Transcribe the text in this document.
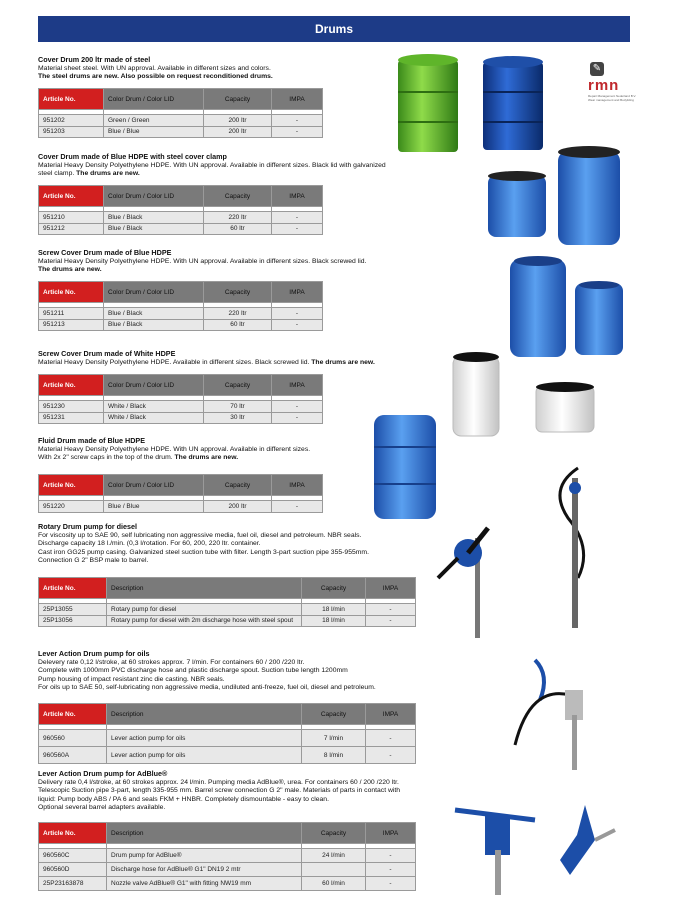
Drums
✎
rmn
Repair Management Nederland B.V.
Wear management and Bodyliding
Cover Drum 200 ltr made of steel

Material sheet steel. With UN approval. Available in different sizes and colors.

The steel drums are new. Also possible on request reconditioned drums.

Article No.	Color Drum / Color LID	Capacity	IMPA

951202	Green / Green	200 ltr	-
951203	Blue / Blue	200 ltr	-
Cover Drum made of Blue HDPE with steel cover clamp

Material Heavy Density Polyethylene HDPE. With UN approval. Available in different sizes. Black lid with galvanized

steel clamp. The drums are new.

Article No.	Color Drum / Color LID	Capacity	IMPA

951210	Blue / Black	220 ltr	-
951212	Blue / Black	60 ltr	-
Screw Cover Drum made of Blue HDPE

Material Heavy Density Polyethylene HDPE. With UN approval. Available in different sizes. Black screwed lid.

The drums are new.

Article No.	Color Drum / Color LID	Capacity	IMPA

951211	Blue / Black	220 ltr	-
951213	Blue / Black	60 ltr	-
Screw Cover Drum made of White HDPE

Material Heavy Density Polyethylene HDPE. Available in different sizes. Black screwed lid. The drums are new.

Article No.	Color Drum / Color LID	Capacity	IMPA

951230	White / Black	70 ltr	-
951231	White / Black	30 ltr	-
Fluid Drum made of Blue HDPE

Material Heavy Density Polyethylene HDPE. With UN approval. Available in different sizes.

With 2x 2" screw caps in the top of the drum. The drums are new.

Article No.	Color Drum / Color LID	Capacity	IMPA

951220	Blue / Blue	200 ltr	-
Rotary Drum pump for diesel

For viscosity up to SAE 90, self lubricating non aggressive media, fuel oil, diesel and petroleum. NBR seals.

Discharge capacity 18 l./min. (0,3 l/rotation. For 60, 200, 220 ltr. container.

Cast iron GG25 pump casing. Galvanized steel suction tube with filter. Length 3-part suction pipe 355-955mm.

Connection G 2" BSP male to barrel.

Article No.	Description	Capacity	IMPA

25P13055	Rotary pump for diesel	18 l/min	-
25P13056	Rotary pump for diesel with 2m discharge hose with steel spout	18 l/min	-
Lever Action Drum pump for oils

Delevery rate 0,12 l/stroke, at 60 strokes approx. 7 l/min. For containers 60 / 200 /220 ltr.

Complete with 1000mm PVC discharge hose and plastic discharge spout. Suction tube length 1200mm

Pump housing of impact resistant zinc die casting. NBR seals.

For oils up to SAE 50, self-lubricating non aggressive media, undiluted anti-freeze, fuel oil, diesel and petroleum.

Article No.	Description	Capacity	IMPA

960560	Lever action pump for oils	7 l/min	-
960560A	Lever action pump for oils	8 l/min	-
Lever Action Drum pump for AdBlue®

Delivery rate 0,4 l/stroke, at 60 strokes approx. 24 l/min. Pumping media AdBlue®, urea. For containers 60 / 200 /220 ltr.

Telescopic Suction pipe 3-part, length 335-955 mm. Barrel screw connection G 2" male. Materials of parts in contact with

liquid: Pump body ABS / PA 6 and seals FKM + HNBR. Completely dismountable - easy to clean.

Optional several barrel adapters available.

Article No.	Description	Capacity	IMPA

960560C	Drum pump for AdBlue®	24 l/min	-
960560D	Discharge hose for AdBlue® G1" DN19 2 mtr		-
25P23163878	Nozzle valve AdBlue® G1" with fitting NW19 mm	60 l/min	-
